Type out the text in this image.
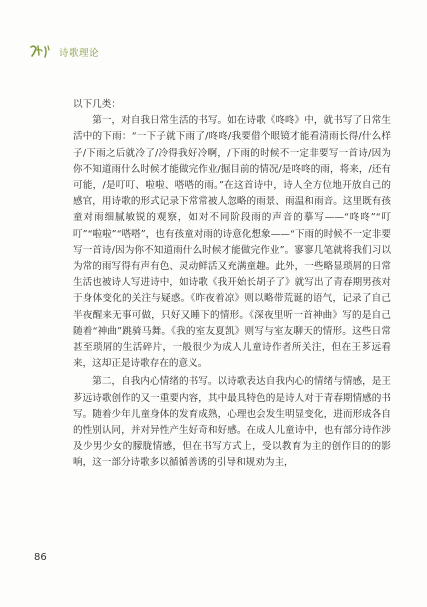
诗歌理论

以下几类：

第一，对自我日常生活的书写。如在诗歌《咚咚》中，就书写了日常生活中的下雨：“一下子就下雨了/咚咚/我要借个眼镜才能看清雨长得/什么样子/下雨之后就冷了/冷得我好冷啊，/下雨的时候不一定非要写一首诗/因为你不知道雨什么时候才能做完作业/掘目前的情况/是咚咚的雨，将来，/还有可能，/是叮叮、啦啦、嗒嗒的雨。”在这首诗中，诗人全方位地开放自己的感官，用诗歌的形式记录下常常被人忽略的雨景、雨温和雨音。这里既有孩童对雨细腻敏锐的观察，如对不同阶段雨的声音的摹写——“咚咚”“叮叮”“啦啦”“嗒嗒”，也有孩童对雨的诗意化想象——“下雨的时候不一定非要写一首诗/因为你不知道雨什么时候才能做完作业”。寥寥几笔就将我们习以为常的雨写得有声有色、灵动鲜活又充满童趣。此外，一些略显琐屑的日常生活也被诗人写进诗中，如诗歌《我开始长胡子了》就写出了青春期男孩对于身体变化的关注与疑惑。《昨夜着凉》则以略带荒诞的语气，记录了自己半夜醒来无事可做，只好又睡下的情形。《深夜里听一首神曲》写的是自己随着“神曲”跳骑马舞。《我的室友夏凯》则写与室友聊天的情形。这些日常甚至琐屑的生活碎片，一般很少为成人儿童诗作者所关注，但在王芗远看来，这却正是诗歌存在的意义。

第二，自我内心情绪的书写。以诗歌表达自我内心的情绪与情感，是王芗远诗歌创作的又一重要内容，其中最具特色的是诗人对于青春期情感的书写。随着少年儿童身体的发育成熟，心理也会发生明显变化，进而形成各自的性别认同，并对异性产生好奇和好感。在成人儿童诗中，也有部分诗作涉及少男少女的朦胧情感，但在书写方式上，受以教育为主的创作目的的影响，这一部分诗歌多以循循善诱的引导和规劝为主，

86
